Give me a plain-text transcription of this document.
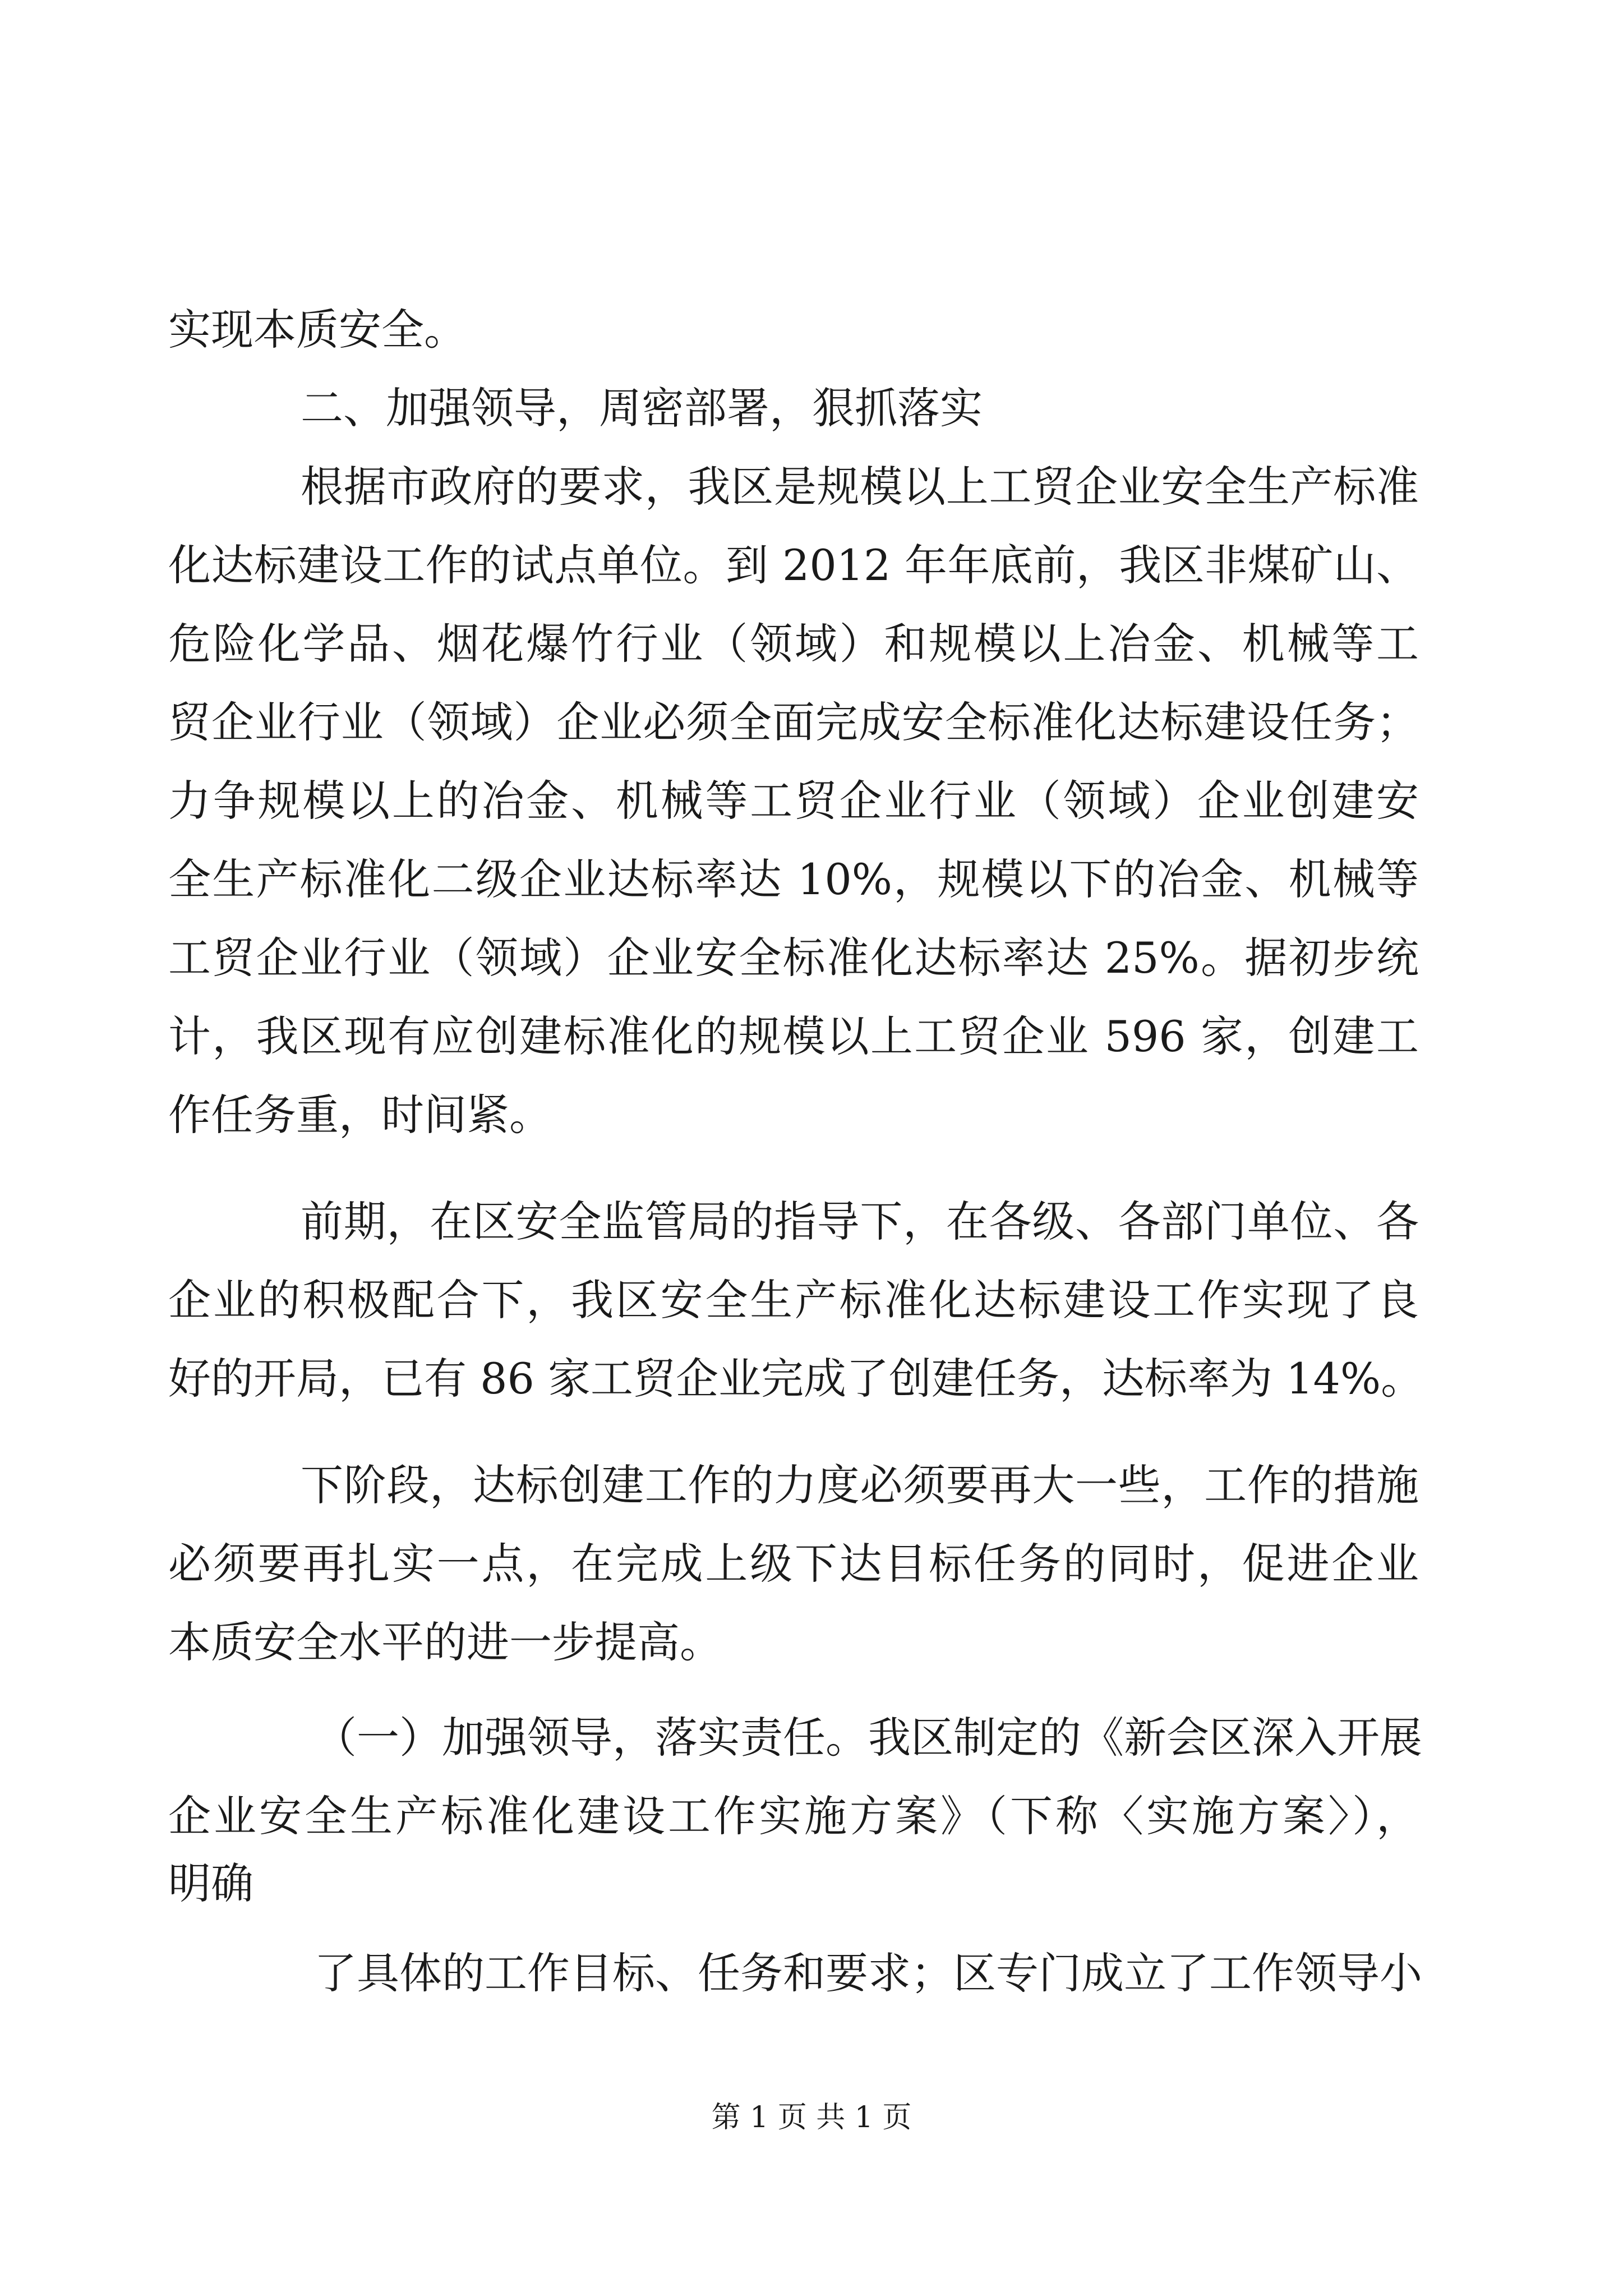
实现本质安全。
二、加强领导，周密部署，狠抓落实
根据市政府的要求，我区是规模以上工贸企业安全生产标准
化达标建设工作的试点单位。到 2012 年年底前，我区非煤矿山、
危险化学品、烟花爆竹行业（领域）和规模以上冶金、机械等工
贸企业行业（领域）企业必须全面完成安全标准化达标建设任务；
力争规模以上的冶金、机械等工贸企业行业（领域）企业创建安
全生产标准化二级企业达标率达 10%，规模以下的冶金、机械等
工贸企业行业（领域）企业安全标准化达标率达 25%。据初步统
计，我区现有应创建标准化的规模以上工贸企业 596 家，创建工
作任务重，时间紧。
前期，在区安全监管局的指导下，在各级、各部门单位、各
企业的积极配合下，我区安全生产标准化达标建设工作实现了良
好的开局，已有 86 家工贸企业完成了创建任务，达标率为 14%。
下阶段，达标创建工作的力度必须要再大一些，工作的措施
必须要再扎实一点，在完成上级下达目标任务的同时，促进企业
本质安全水平的进一步提高。
（一）加强领导，落实责任。我区制定的《新会区深入开展
企业安全生产标准化建设工作实施方案》（下称〈实施方案〉），
明确
了具体的工作目标、任务和要求；区专门成立了工作领导小
第 1 页 共 1 页
